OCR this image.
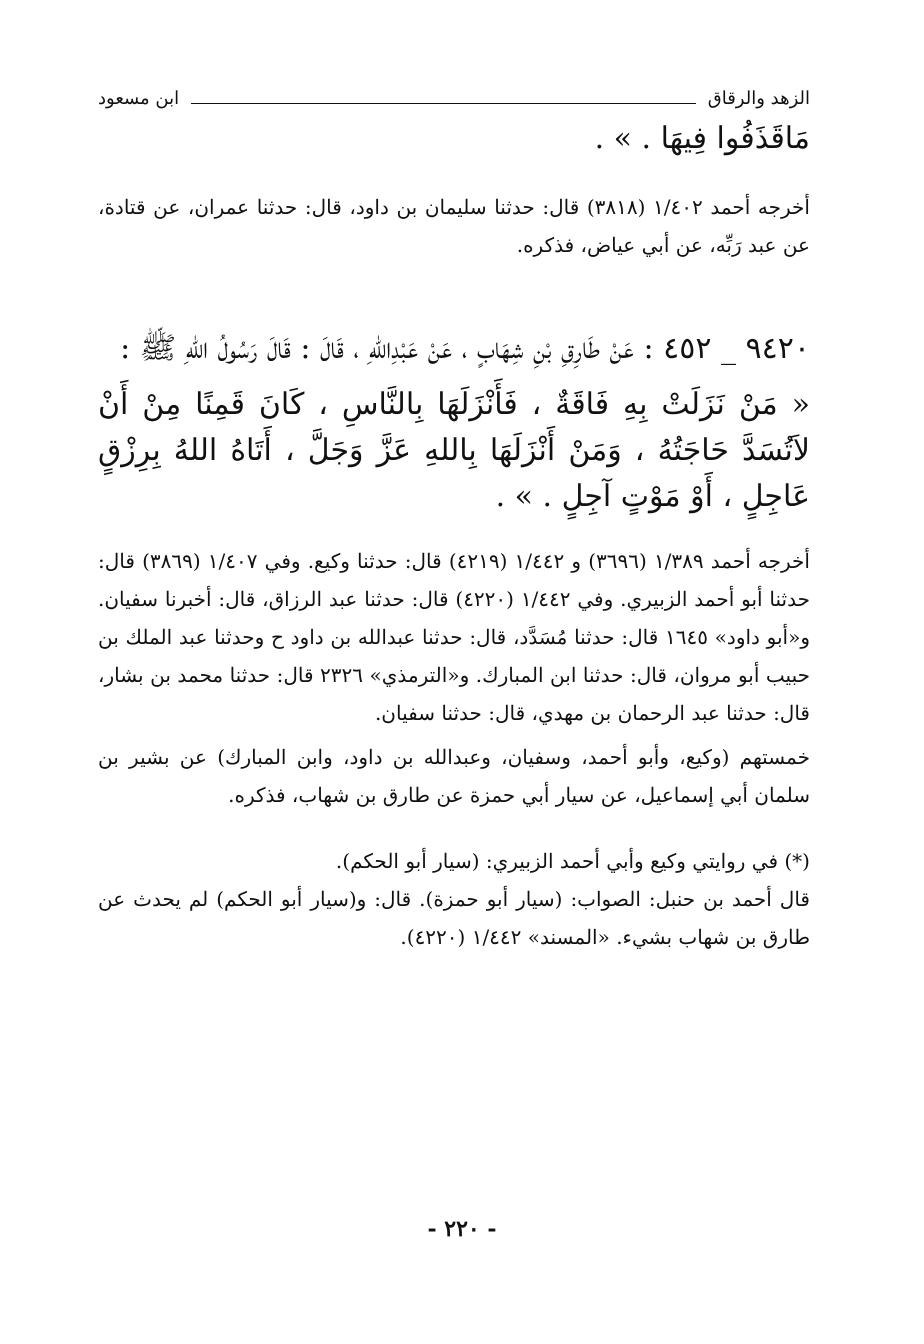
الزهد والرقاق
ابن مسعود

مَاقَذَفُوا فِيهَا . » .

أخرجه أحمد ١/٤٠٢ (٣٨١٨) قال: حدثنا سليمان بن داود، قال: حدثنا عمران، عن قتادة، عن عبد رَبِّه، عن أبي عياض، فذكره.

٩٤٢٠ _ ٤٥٢ : عَنْ طَارِقِ بْنِ شِهَابٍ ، عَنْ عَبْدِاللهِ ، قَالَ : قَالَ رَسُولُ اللهِ ﷺ :

« مَنْ نَزَلَتْ بِهِ فَاقَةٌ ، فَأَنْزَلَهَا بِالنَّاسِ ، كَانَ قَمِنًا مِنْ أَنْ لاَتُسَدَّ حَاجَتُهُ ، وَمَنْ أَنْزَلَهَا بِاللهِ عَزَّ وَجَلَّ ، أَتَاهُ اللهُ بِرِزْقٍ عَاجِلٍ ، أَوْ مَوْتٍ آجِلٍ . » .

أخرجه أحمد ١/٣٨٩ (٣٦٩٦) و ١/٤٤٢ (٤٢١٩) قال: حدثنا وكيع. وفي ١/٤٠٧ (٣٨٦٩) قال: حدثنا أبو أحمد الزبيري. وفي ١/٤٤٢ (٤٢٢٠) قال: حدثنا عبد الرزاق، قال: أخبرنا سفيان. و«أبو داود» ١٦٤٥ قال: حدثنا مُسَدَّد، قال: حدثنا عبدالله بن داود ح وحدثنا عبد الملك بن حبيب أبو مروان، قال: حدثنا ابن المبارك. و«الترمذي» ٢٣٢٦ قال: حدثنا محمد بن بشار، قال: حدثنا عبد الرحمان بن مهدي، قال: حدثنا سفيان.

خمستهم (وكيع، وأبو أحمد، وسفيان، وعبدالله بن داود، وابن المبارك) عن بشير بن سلمان أبي إسماعيل، عن سيار أبي حمزة عن طارق بن شهاب، فذكره.

(*) في روايتي وكيع وأبي أحمد الزبيري: (سيار أبو الحكم).

قال أحمد بن حنبل: الصواب: (سيار أبو حمزة). قال: و(سيار أبو الحكم) لم يحدث عن طارق بن شهاب بشيء. «المسند» ١/٤٤٢ (٤٢٢٠).

- ٢٢٠ -
